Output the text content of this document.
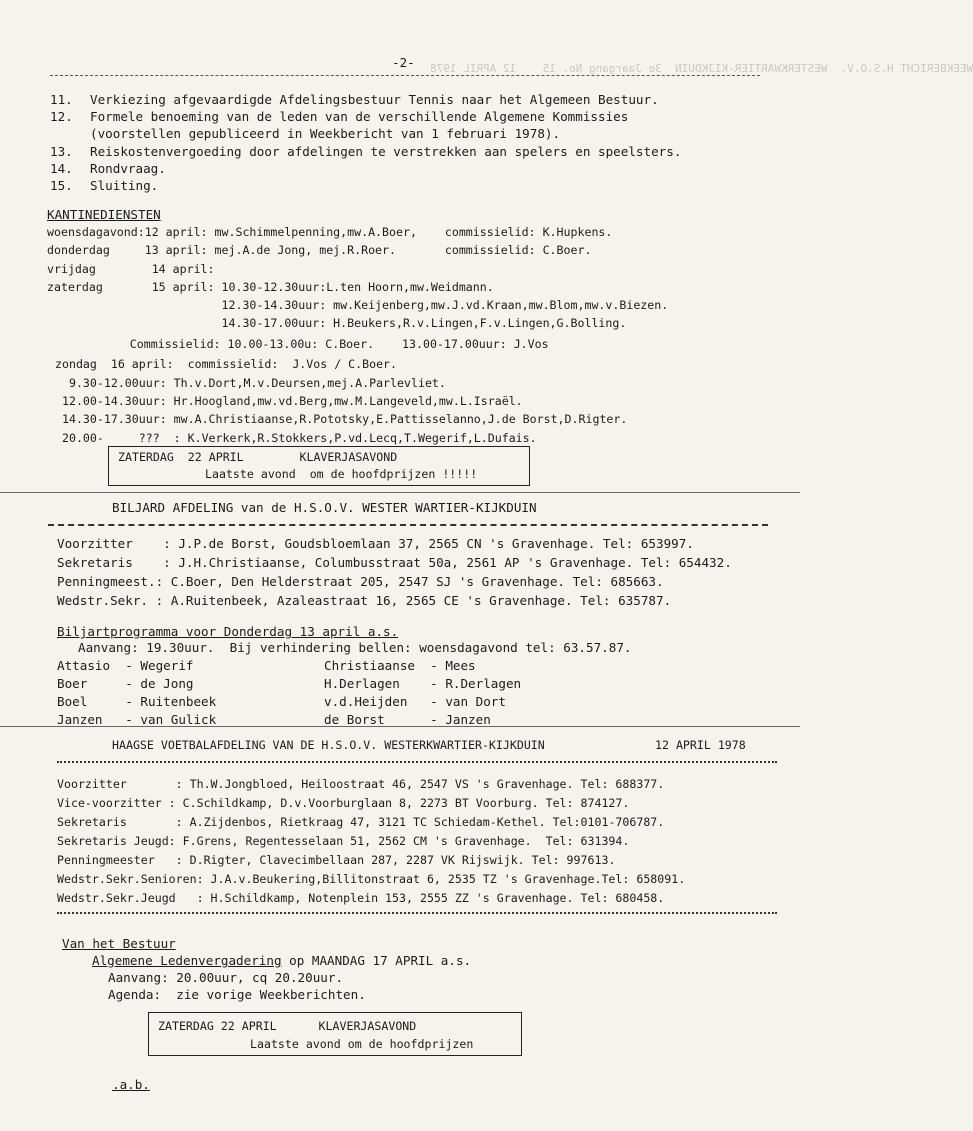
WEEKBERICHT H.S.O.V.  WESTERKWARTIER-KIJKDUIN  3e Jaargang No. 15    12 APRIL 1978
-2-
11. Verkiezing afgevaardigde Afdelingsbestuur Tennis naar het Algemeen Bestuur.
12. Formele benoeming van de leden van de verschillende Algemene Kommissies
(voorstellen gepubliceerd in Weekbericht van 1 februari 1978).
13. Reiskostenvergoeding door afdelingen te verstrekken aan spelers en speelsters.
14. Rondvraag.
15. Sluiting.
KANTINEDIENSTEN
woensdagavond:12 april: mw.Schimmelpenning,mw.A.Boer,    commissielid: K.Hupkens.
donderdag     13 april: mej.A.de Jong, mej.R.Roer.       commissielid: C.Boer.
vrijdag        14 april:
zaterdag       15 april: 10.30-12.30uur:L.ten Hoorn,mw.Weidmann.
12.30-14.30uur: mw.Keijenberg,mw.J.vd.Kraan,mw.Blom,mw.v.Biezen.
14.30-17.00uur: H.Beukers,R.v.Lingen,F.v.Lingen,G.Bolling.
Commissielid: 10.00-13.00u: C.Boer.    13.00-17.00uur: J.Vos
zondag  16 april:  commissielid:  J.Vos / C.Boer.
9.30-12.00uur: Th.v.Dort,M.v.Deursen,mej.A.Parlevliet.
12.00-14.30uur: Hr.Hoogland,mw.vd.Berg,mw.M.Langeveld,mw.L.Israël.
14.30-17.30uur: mw.A.Christiaanse,R.Pototsky,E.Pattisselanno,J.de Borst,D.Rigter.
20.00-     ???  : K.Verkerk,R.Stokkers,P.vd.Lecq,T.Wegerif,L.Dufais.
ZATERDAG  22 APRIL        KLAVERJASAVOND
Laatste avond  om de hoofdprijzen !!!!!
BILJARD AFDELING van de H.S.O.V. WESTER WARTIER-KIJKDUIN
Voorzitter    : J.P.de Borst, Goudsbloemlaan 37, 2565 CN 's Gravenhage. Tel: 653997.
Sekretaris    : J.H.Christiaanse, Columbusstraat 50a, 2561 AP 's Gravenhage. Tel: 654432.
Penningmeest.: C.Boer, Den Helderstraat 205, 2547 SJ 's Gravenhage. Tel: 685663.
Wedstr.Sekr. : A.Ruitenbeek, Azaleastraat 16, 2565 CE 's Gravenhage. Tel: 635787.
Biljartprogramma voor Donderdag 13 april a.s.
Aanvang: 19.30uur.  Bij verhindering bellen: woensdagavond tel: 63.57.87.
Attasio  - Wegerif
Boer     - de Jong
Boel     - Ruitenbeek
Janzen   - van Gulick
Christiaanse  - Mees
H.Derlagen    - R.Derlagen
v.d.Heijden   - van Dort
de Borst      - Janzen
HAAGSE VOETBALAFDELING VAN DE H.S.O.V. WESTERKWARTIER-KIJKDUIN	12 APRIL 1978
Voorzitter       : Th.W.Jongbloed, Heiloostraat 46, 2547 VS 's Gravenhage. Tel: 688377.
Vice-voorzitter : C.Schildkamp, D.v.Voorburglaan 8, 2273 BT Voorburg. Tel: 874127.
Sekretaris       : A.Zijdenbos, Rietkraag 47, 3121 TC Schiedam-Kethel. Tel:0101-706787.
Sekretaris Jeugd: F.Grens, Regentesselaan 51, 2562 CM 's Gravenhage.  Tel: 631394.
Penningmeester   : D.Rigter, Clavecimbellaan 287, 2287 VK Rijswijk. Tel: 997613.
Wedstr.Sekr.Senioren: J.A.v.Beukering,Billitonstraat 6, 2535 TZ 's Gravenhage.Tel: 658091.
Wedstr.Sekr.Jeugd   : H.Schildkamp, Notenplein 153, 2555 ZZ 's Gravenhage. Tel: 680458.
Van het Bestuur
Algemene Ledenvergadering op MAANDAG 17 APRIL a.s.
Aanvang: 20.00uur, cq 20.20uur.
Agenda:  zie vorige Weekberichten.
ZATERDAG 22 APRIL      KLAVERJASAVOND
Laatste avond om de hoofdprijzen
.a.b.
